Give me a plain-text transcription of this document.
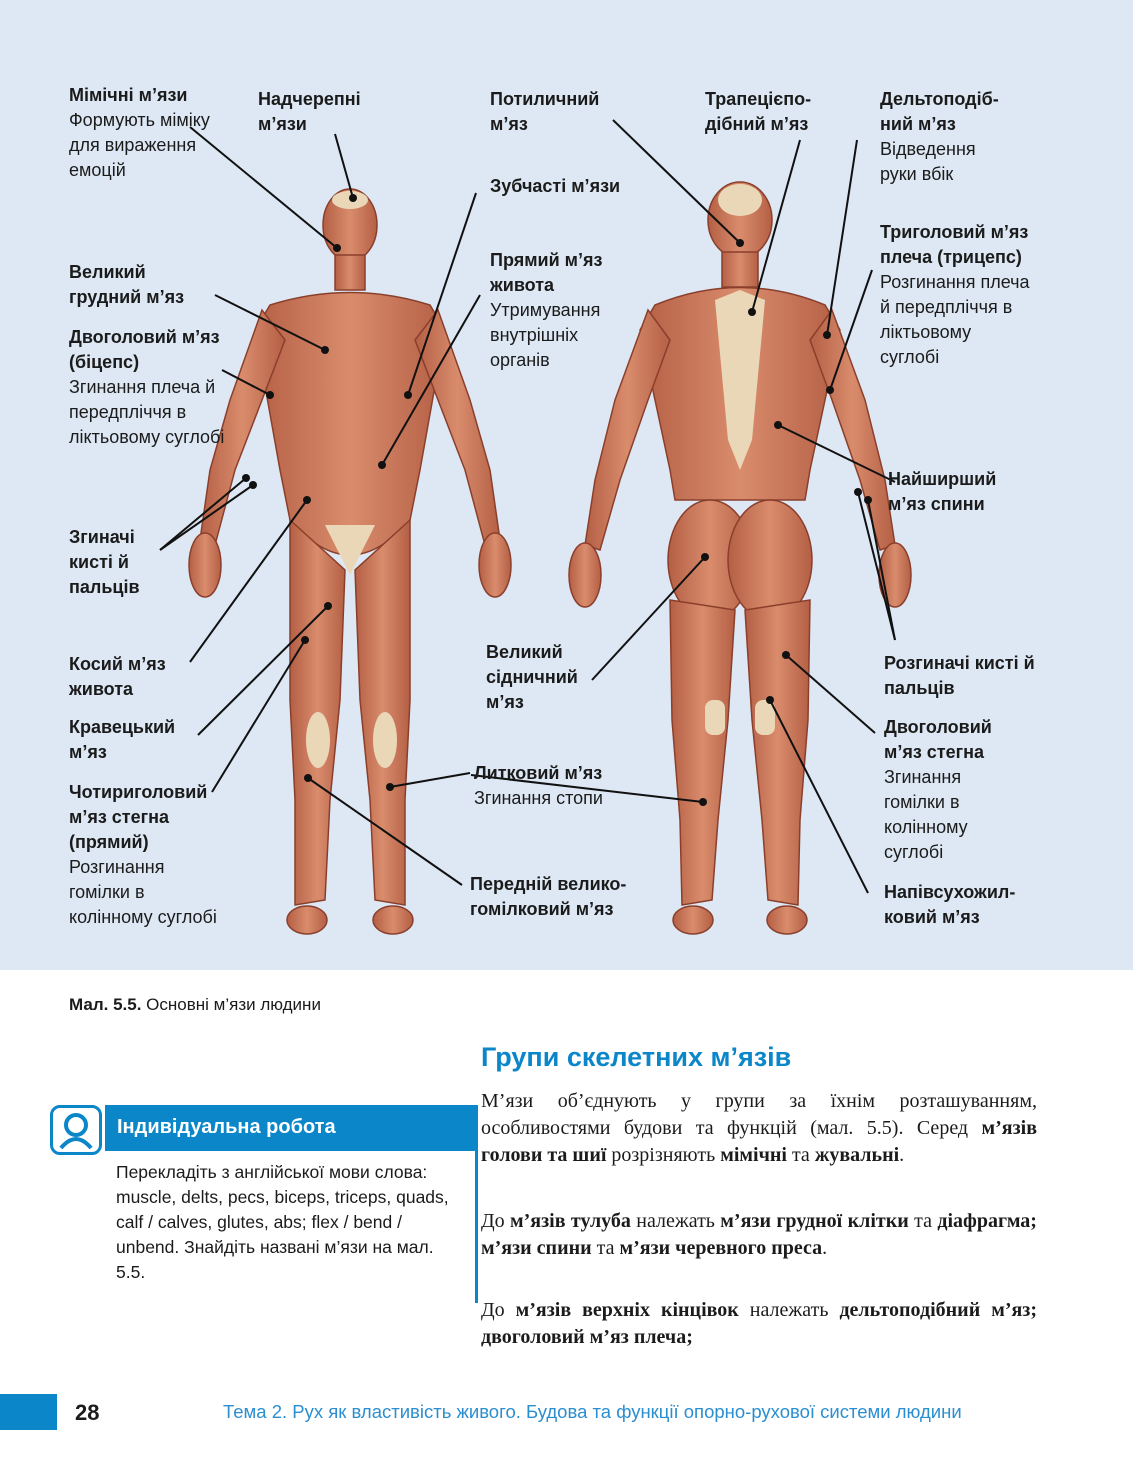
Мімічні м’язи
Формують міміку для вираження емоцій
Надчерепні м’язи
Великий грудний м’яз
Двоголовий м’яз (біцепс)
Згинання плеча й передпліччя в ліктьовому суглобі
Згиначі кисті й пальців
Косий м’яз живота
Кравецький м’яз
Чотириголовий м’яз стегна (прямий)
Розгинання гомілки в колінному суглобі
Потиличний м’яз
Зубчасті м’язи
Прямий м’яз живота
Утримування внутрішніх органів
Великий сідничний м’яз
Литковий м’яз
Згинання стопи
Передній велико-гомілковий м’яз
Трапецієпо-дібний м’яз
Дельтоподіб-ний м’яз
Відведення руки вбік
Триголовий м’яз плеча (трицепс)
Розгинання плеча й передпліччя в ліктьовому суглобі
Найширший м’яз спини
Розгиначі кисті й пальців
Двоголовий м’яз стегна
Згинання гомілки в колінному суглобі
Напівсухожил-ковий м’яз
Мал. 5.5. Основні м’язи людини
Індивідуальна робота
Перекладіть з англійської мови слова: muscle, delts, pecs, biceps, triceps, quads, calf / calves, glutes, abs; flex / bend / unbend. Знайдіть названі м’язи на мал. 5.5.
Групи скелетних м’язів
М’язи об’єднують у групи за їхнім розташуванням, особливостями будови та функцій (мал. 5.5). Серед м’язів голови та шиї розрізняють мімічні та жувальні.
До м’язів тулуба належать м’язи грудної клітки та діафрагма; м’язи спини та м’язи черевного преса.
До м’язів верхніх кінцівок належать дельтоподібний м’яз; двоголовий м’яз плеча;
28	Тема 2. Рух як властивість живого. Будова та функції опорно-рухової системи людини
